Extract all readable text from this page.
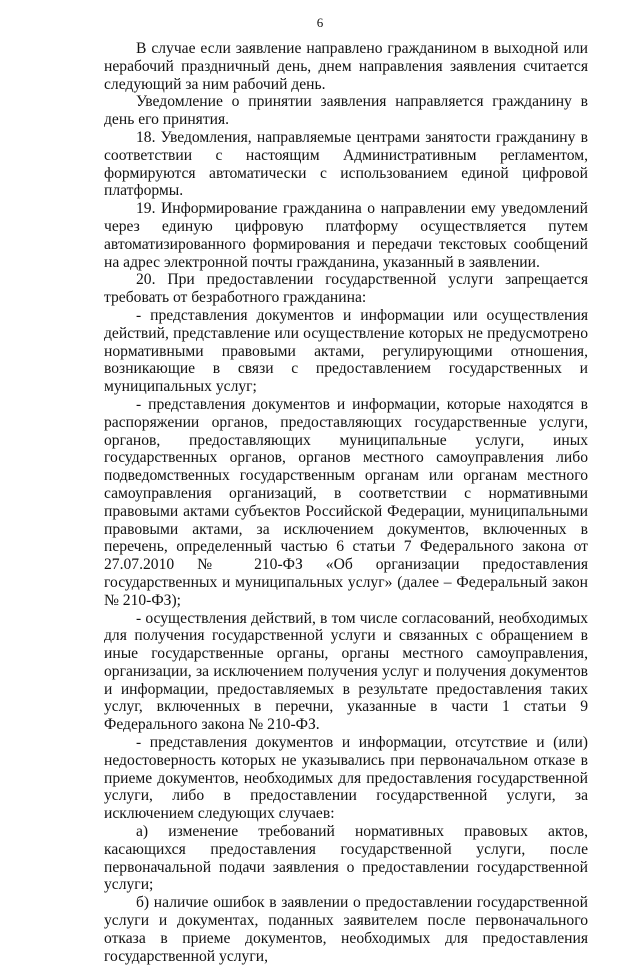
6

В случае если заявление направлено гражданином в выходной или нерабочий праздничный день, днем направления заявления считается следующий за ним рабочий день.

Уведомление о принятии заявления направляется гражданину в день его принятия.

18. Уведомления, направляемые центрами занятости гражданину в соответствии с настоящим Административным регламентом, формируются автоматически с использованием единой цифровой платформы.

19. Информирование гражданина о направлении ему уведомлений через единую цифровую платформу осуществляется путем автоматизированного формирования и передачи текстовых сообщений на адрес электронной почты гражданина, указанный в заявлении.

20. При предоставлении государственной услуги запрещается требовать от безработного гражданина:

- представления документов и информации или осуществления действий, представление или осуществление которых не предусмотрено нормативными правовыми актами, регулирующими отношения, возникающие в связи с предоставлением государственных и муниципальных услуг;

- представления документов и информации, которые находятся в распоряжении органов, предоставляющих государственные услуги, органов, предоставляющих муниципальные услуги, иных государственных органов, органов местного самоуправления либо подведомственных государственным органам или органам местного самоуправления организаций, в соответствии с нормативными правовыми актами субъектов Российской Федерации, муниципальными правовыми актами, за исключением документов, включенных в перечень, определенный частью 6 статьи 7 Федерального закона от 27.07.2010 № 210-ФЗ «Об организации предоставления государственных и муниципальных услуг» (далее – Федеральный закон № 210-ФЗ);

- осуществления действий, в том числе согласований, необходимых для получения государственной услуги и связанных с обращением в иные государственные органы, органы местного самоуправления, организации, за исключением получения услуг и получения документов и информации, предоставляемых в результате предоставления таких услуг, включенных в перечни, указанные в части 1 статьи 9 Федерального закона № 210-ФЗ.

- представления документов и информации, отсутствие и (или) недостоверность которых не указывались при первоначальном отказе в приеме документов, необходимых для предоставления государственной услуги, либо в предоставлении государственной услуги, за исключением следующих случаев:

а) изменение требований нормативных правовых актов, касающихся предоставления государственной услуги, после первоначальной подачи заявления о предоставлении государственной услуги;

б) наличие ошибок в заявлении о предоставлении государственной услуги и документах, поданных заявителем после первоначального отказа в приеме документов, необходимых для предоставления государственной услуги,
